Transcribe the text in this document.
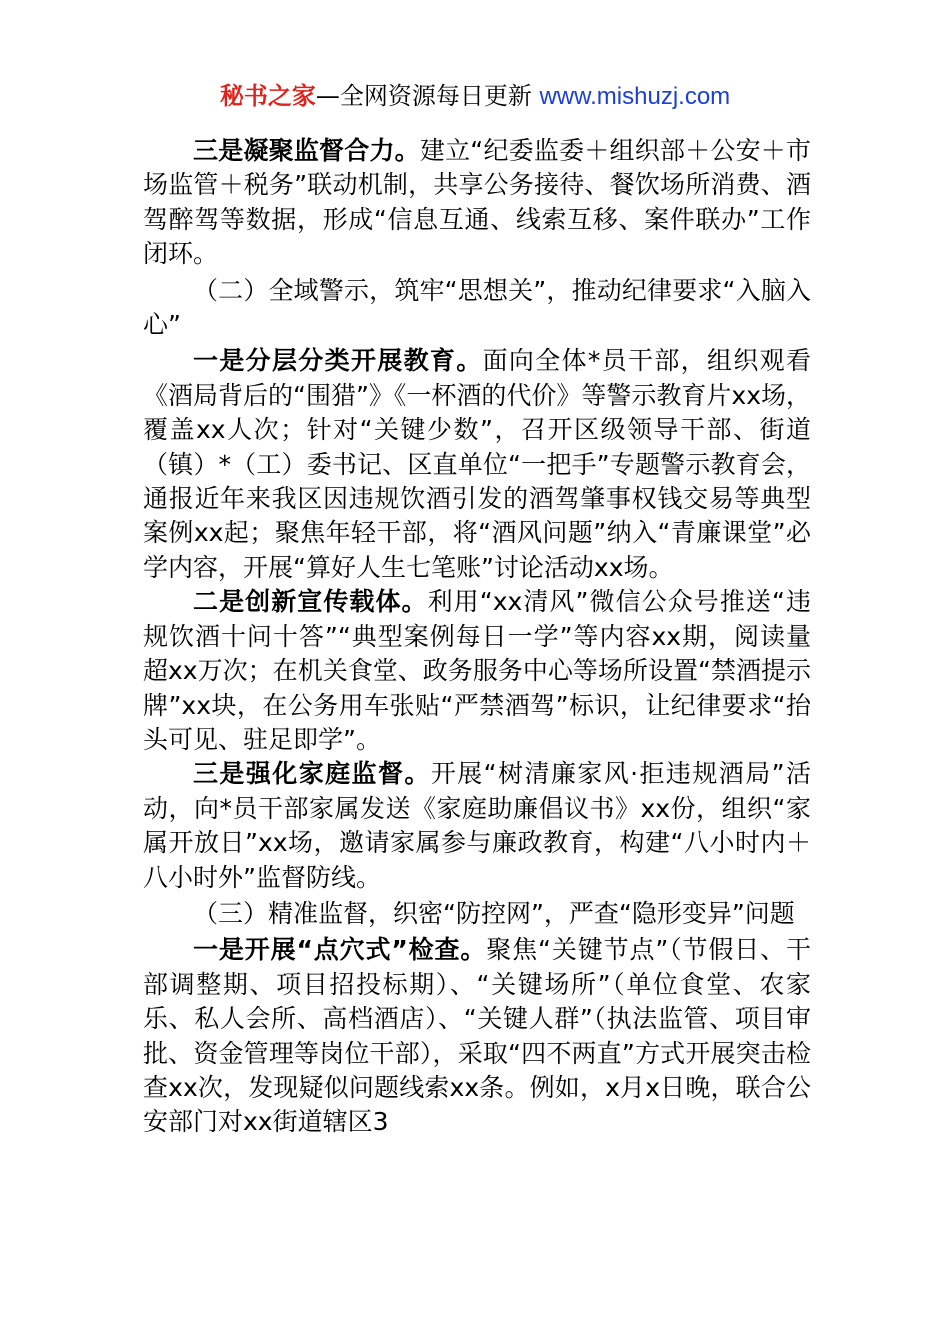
秘书之家—全网资源每日更新 www.mishuzj.com

三是凝聚监督合力。建立“纪委监委＋组织部＋公安＋市场监管＋税务”联动机制，共享公务接待、餐饮场所消费、酒驾醉驾等数据，形成“信息互通、线索互移、案件联办”工作闭环。

（二）全域警示，筑牢“思想关”，推动纪律要求“入脑入心”

一是分层分类开展教育。面向全体*员干部，组织观看《酒局背后的“围猎”》《一杯酒的代价》等警示教育片xx场，覆盖xx人次；针对“关键少数”，召开区级领导干部、街道（镇）*（工）委书记、区直单位“一把手”专题警示教育会，通报近年来我区因违规饮酒引发的酒驾肇事权钱交易等典型案例xx起；聚焦年轻干部，将“酒风问题”纳入“青廉课堂”必学内容，开展“算好人生七笔账”讨论活动xx场。

二是创新宣传载体。利用“xx清风”微信公众号推送“违规饮酒十问十答”“典型案例每日一学”等内容xx期，阅读量超xx万次；在机关食堂、政务服务中心等场所设置“禁酒提示牌”xx块，在公务用车张贴“严禁酒驾”标识，让纪律要求“抬头可见、驻足即学”。

三是强化家庭监督。开展“树清廉家风·拒违规酒局”活动，向*员干部家属发送《家庭助廉倡议书》xx份，组织“家属开放日”xx场，邀请家属参与廉政教育，构建“八小时内＋八小时外”监督防线。

（三）精准监督，织密“防控网”，严查“隐形变异”问题

一是开展“点穴式”检查。聚焦“关键节点”（节假日、干部调整期、项目招投标期）、“关键场所”（单位食堂、农家乐、私人会所、高档酒店）、“关键人群”（执法监管、项目审批、资金管理等岗位干部），采取“四不两直”方式开展突击检查xx次，发现疑似问题线索xx条。例如，x月x日晚，联合公安部门对xx街道辖区3
